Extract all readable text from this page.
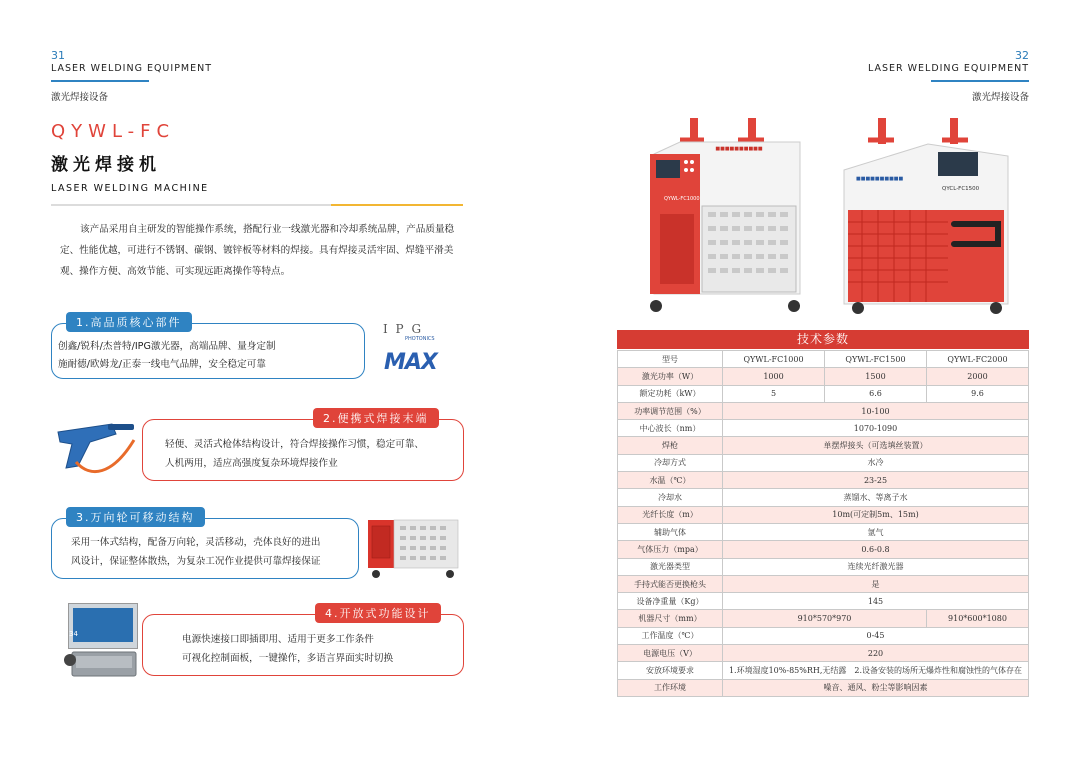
31
LASER WELDING EQUIPMENT
激光焊接设备
QYWL-FC
激光焊接机
LASER WELDING MACHINE
该产品采用自主研发的智能操作系统，搭配行业一线激光器和冷却系统品牌，产品质量稳定、性能优越，可进行不锈钢、碳钢、镀锌板等材料的焊接。具有焊接灵活牢固、焊缝平滑美观、操作方便、高效节能、可实现远距离操作等特点。
1.高品质核心部件
创鑫/锐科/杰普特/IPG激光器，高端品牌、量身定制
施耐德/欧姆龙/正泰一线电气品牌，安全稳定可靠
I P G
PHOTONICS
MAX
2.便携式焊接末端
轻便、灵活式枪体结构设计，符合焊接操作习惯，稳定可靠、
人机两用，适应高强度复杂环境焊接作业
3.万向轮可移动结构
采用一体式结构，配备万向轮，灵活移动，壳体良好的进出
风设计，保证整体散热，为复杂工况作业提供可靠焊接保证
4.开放式功能设计
电源快速接口即插即用、适用于更多工作条件
可视化控制面板，一键操作，多语言界面实时切换
34
32
LASER WELDING EQUIPMENT
激光焊接设备
■■■■■■■■■■
QYWL-FC1000
■■■■■■■■■■
QYCL-FC1500
技术参数
型号	QYWL-FC1000	QYWL-FC1500	QYWL-FC2000
激光功率（W）	1000	1500	2000
额定功耗（kW）	5	6.6	9.6
功率调节范围（%）	10-100		
中心波长（nm）	1070-1090		
焊枪	单摆焊接头（可选填丝装置）		
冷却方式	水冷		
水温（℃）	23-25		
冷却水	蒸馏水、等离子水		
光纤长度（m）	10m(可定制5m、15m)		
辅助气体	氩气		
气体压力（mpa）	0.6-0.8		
激光器类型	连续光纤激光器		
手持式能否更换枪头	是		
设备净重量（Kg）	145		
机器尺寸（mm）	910*570*970		910*600*1080
工作温度（℃）	0-45		
电源电压（V）	220		
安放环境要求	1.环境湿度10%-85%RH,无结露　2.设备安装的场所无爆炸性和腐蚀性的气体存在		
工作环境	噪音、通风、粉尘等影响因素		
